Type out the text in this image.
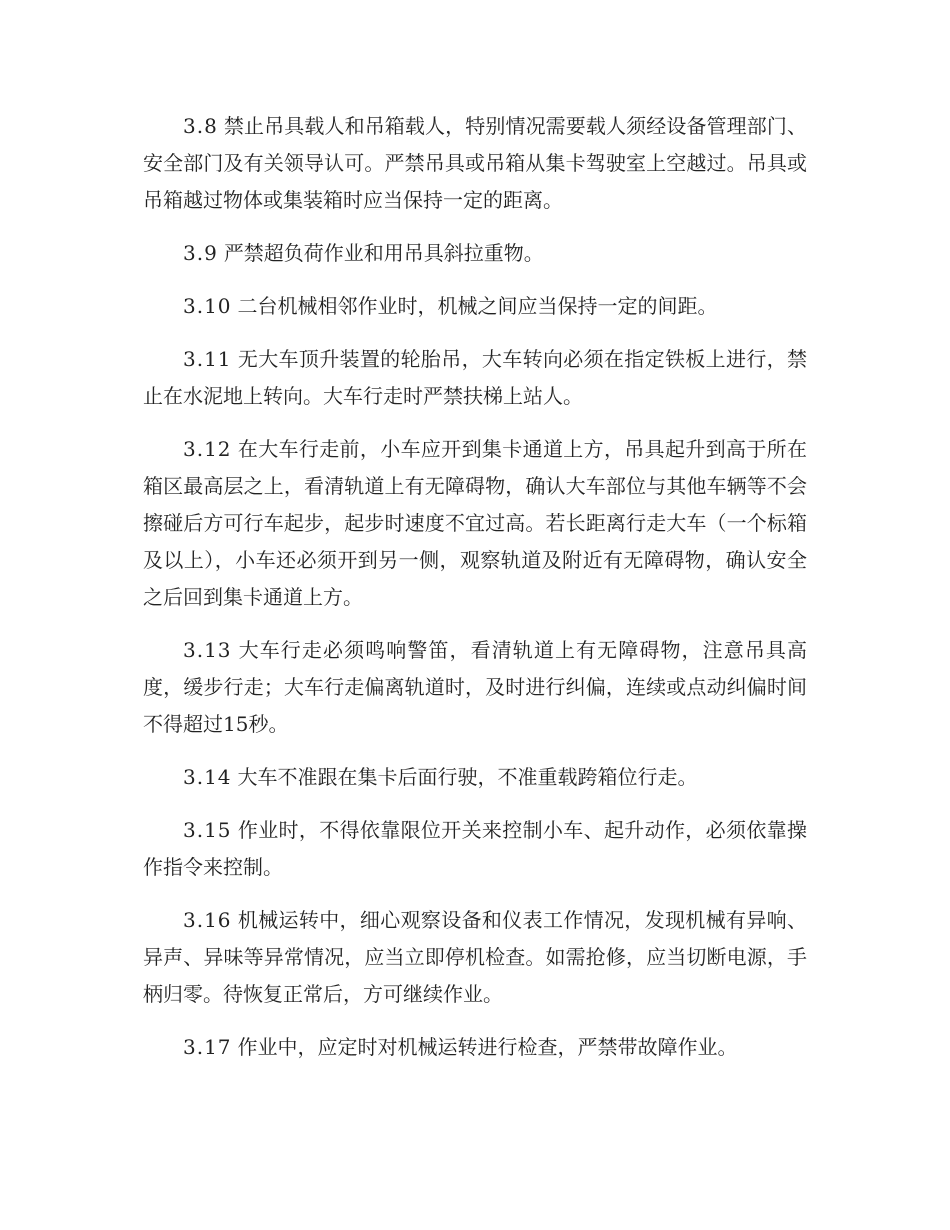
3.8 禁止吊具载人和吊箱载人，特别情况需要载人须经设备管理部门、安全部门及有关领导认可。严禁吊具或吊箱从集卡驾驶室上空越过。吊具或吊箱越过物体或集装箱时应当保持一定的距离。

3.9 严禁超负荷作业和用吊具斜拉重物。

3.10 二台机械相邻作业时，机械之间应当保持一定的间距。

3.11 无大车顶升装置的轮胎吊，大车转向必须在指定铁板上进行，禁止在水泥地上转向。大车行走时严禁扶梯上站人。

3.12 在大车行走前，小车应开到集卡通道上方，吊具起升到高于所在箱区最高层之上，看清轨道上有无障碍物，确认大车部位与其他车辆等不会擦碰后方可行车起步，起步时速度不宜过高。若长距离行走大车（一个标箱及以上），小车还必须开到另一侧，观察轨道及附近有无障碍物，确认安全之后回到集卡通道上方。

3.13 大车行走必须鸣响警笛，看清轨道上有无障碍物，注意吊具高度，缓步行走；大车行走偏离轨道时，及时进行纠偏，连续或点动纠偏时间不得超过15秒。

3.14 大车不准跟在集卡后面行驶，不准重载跨箱位行走。

3.15 作业时，不得依靠限位开关来控制小车、起升动作，必须依靠操作指令来控制。

3.16 机械运转中，细心观察设备和仪表工作情况，发现机械有异响、异声、异味等异常情况，应当立即停机检查。如需抢修，应当切断电源，手柄归零。待恢复正常后，方可继续作业。

3.17 作业中，应定时对机械运转进行检查，严禁带故障作业。
